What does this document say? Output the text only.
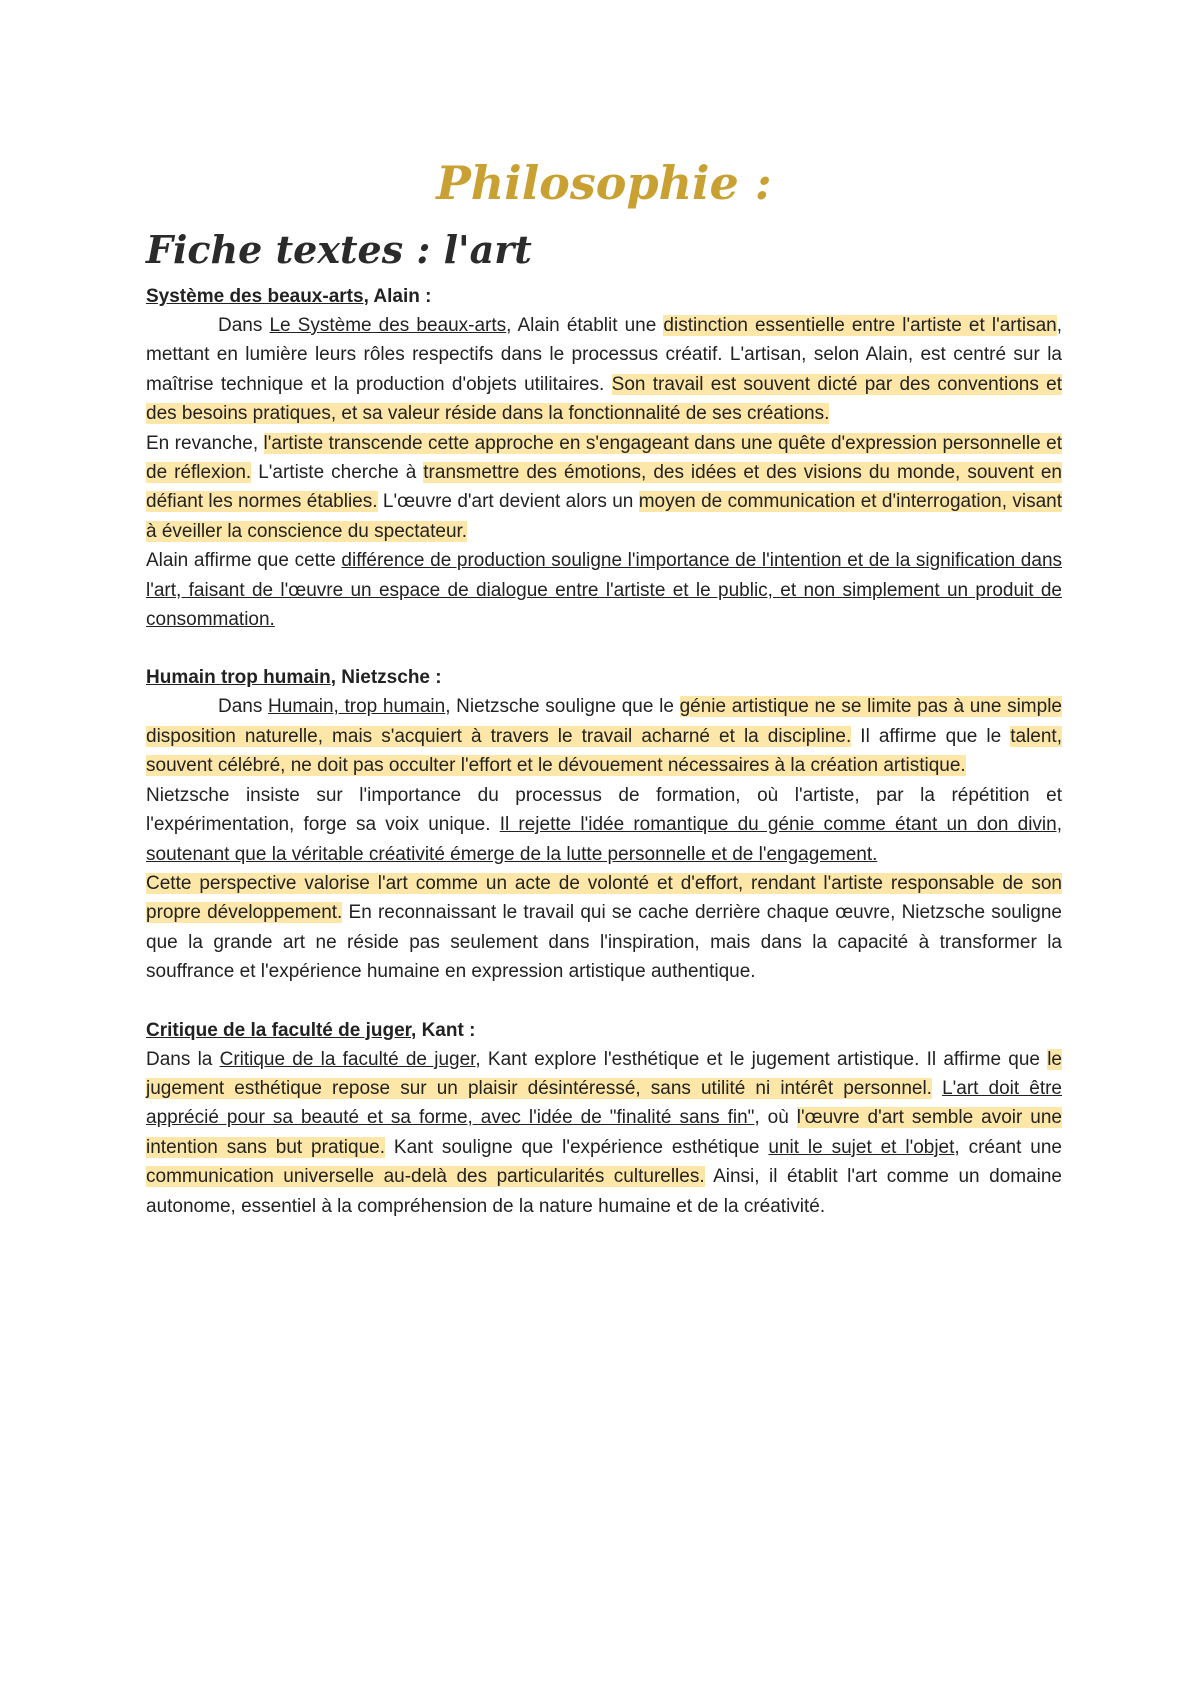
Philosophie :
Fiche textes : l'art

Système des beaux-arts, Alain :

Dans Le Système des beaux-arts, Alain établit une distinction essentielle entre l'artiste et l'artisan, mettant en lumière leurs rôles respectifs dans le processus créatif. L'artisan, selon Alain, est centré sur la maîtrise technique et la production d'objets utilitaires. Son travail est souvent dicté par des conventions et des besoins pratiques, et sa valeur réside dans la fonctionnalité de ses créations.

En revanche, l'artiste transcende cette approche en s'engageant dans une quête d'expression personnelle et de réflexion. L'artiste cherche à transmettre des émotions, des idées et des visions du monde, souvent en défiant les normes établies. L'œuvre d'art devient alors un moyen de communication et d'interrogation, visant à éveiller la conscience du spectateur.

Alain affirme que cette différence de production souligne l'importance de l'intention et de la signification dans l'art, faisant de l'œuvre un espace de dialogue entre l'artiste et le public, et non simplement un produit de consommation.

Humain trop humain, Nietzsche :

Dans Humain, trop humain, Nietzsche souligne que le génie artistique ne se limite pas à une simple disposition naturelle, mais s'acquiert à travers le travail acharné et la discipline. Il affirme que le talent, souvent célébré, ne doit pas occulter l'effort et le dévouement nécessaires à la création artistique.

Nietzsche insiste sur l'importance du processus de formation, où l'artiste, par la répétition et l'expérimentation, forge sa voix unique. Il rejette l'idée romantique du génie comme étant un don divin, soutenant que la véritable créativité émerge de la lutte personnelle et de l'engagement.

Cette perspective valorise l'art comme un acte de volonté et d'effort, rendant l'artiste responsable de son propre développement. En reconnaissant le travail qui se cache derrière chaque œuvre, Nietzsche souligne que la grande art ne réside pas seulement dans l'inspiration, mais dans la capacité à transformer la souffrance et l'expérience humaine en expression artistique authentique.

Critique de la faculté de juger, Kant :

Dans la Critique de la faculté de juger, Kant explore l'esthétique et le jugement artistique. Il affirme que le jugement esthétique repose sur un plaisir désintéressé, sans utilité ni intérêt personnel. L'art doit être apprécié pour sa beauté et sa forme, avec l'idée de "finalité sans fin", où l'œuvre d'art semble avoir une intention sans but pratique. Kant souligne que l'expérience esthétique unit le sujet et l'objet, créant une communication universelle au-delà des particularités culturelles. Ainsi, il établit l'art comme un domaine autonome, essentiel à la compréhension de la nature humaine et de la créativité.
